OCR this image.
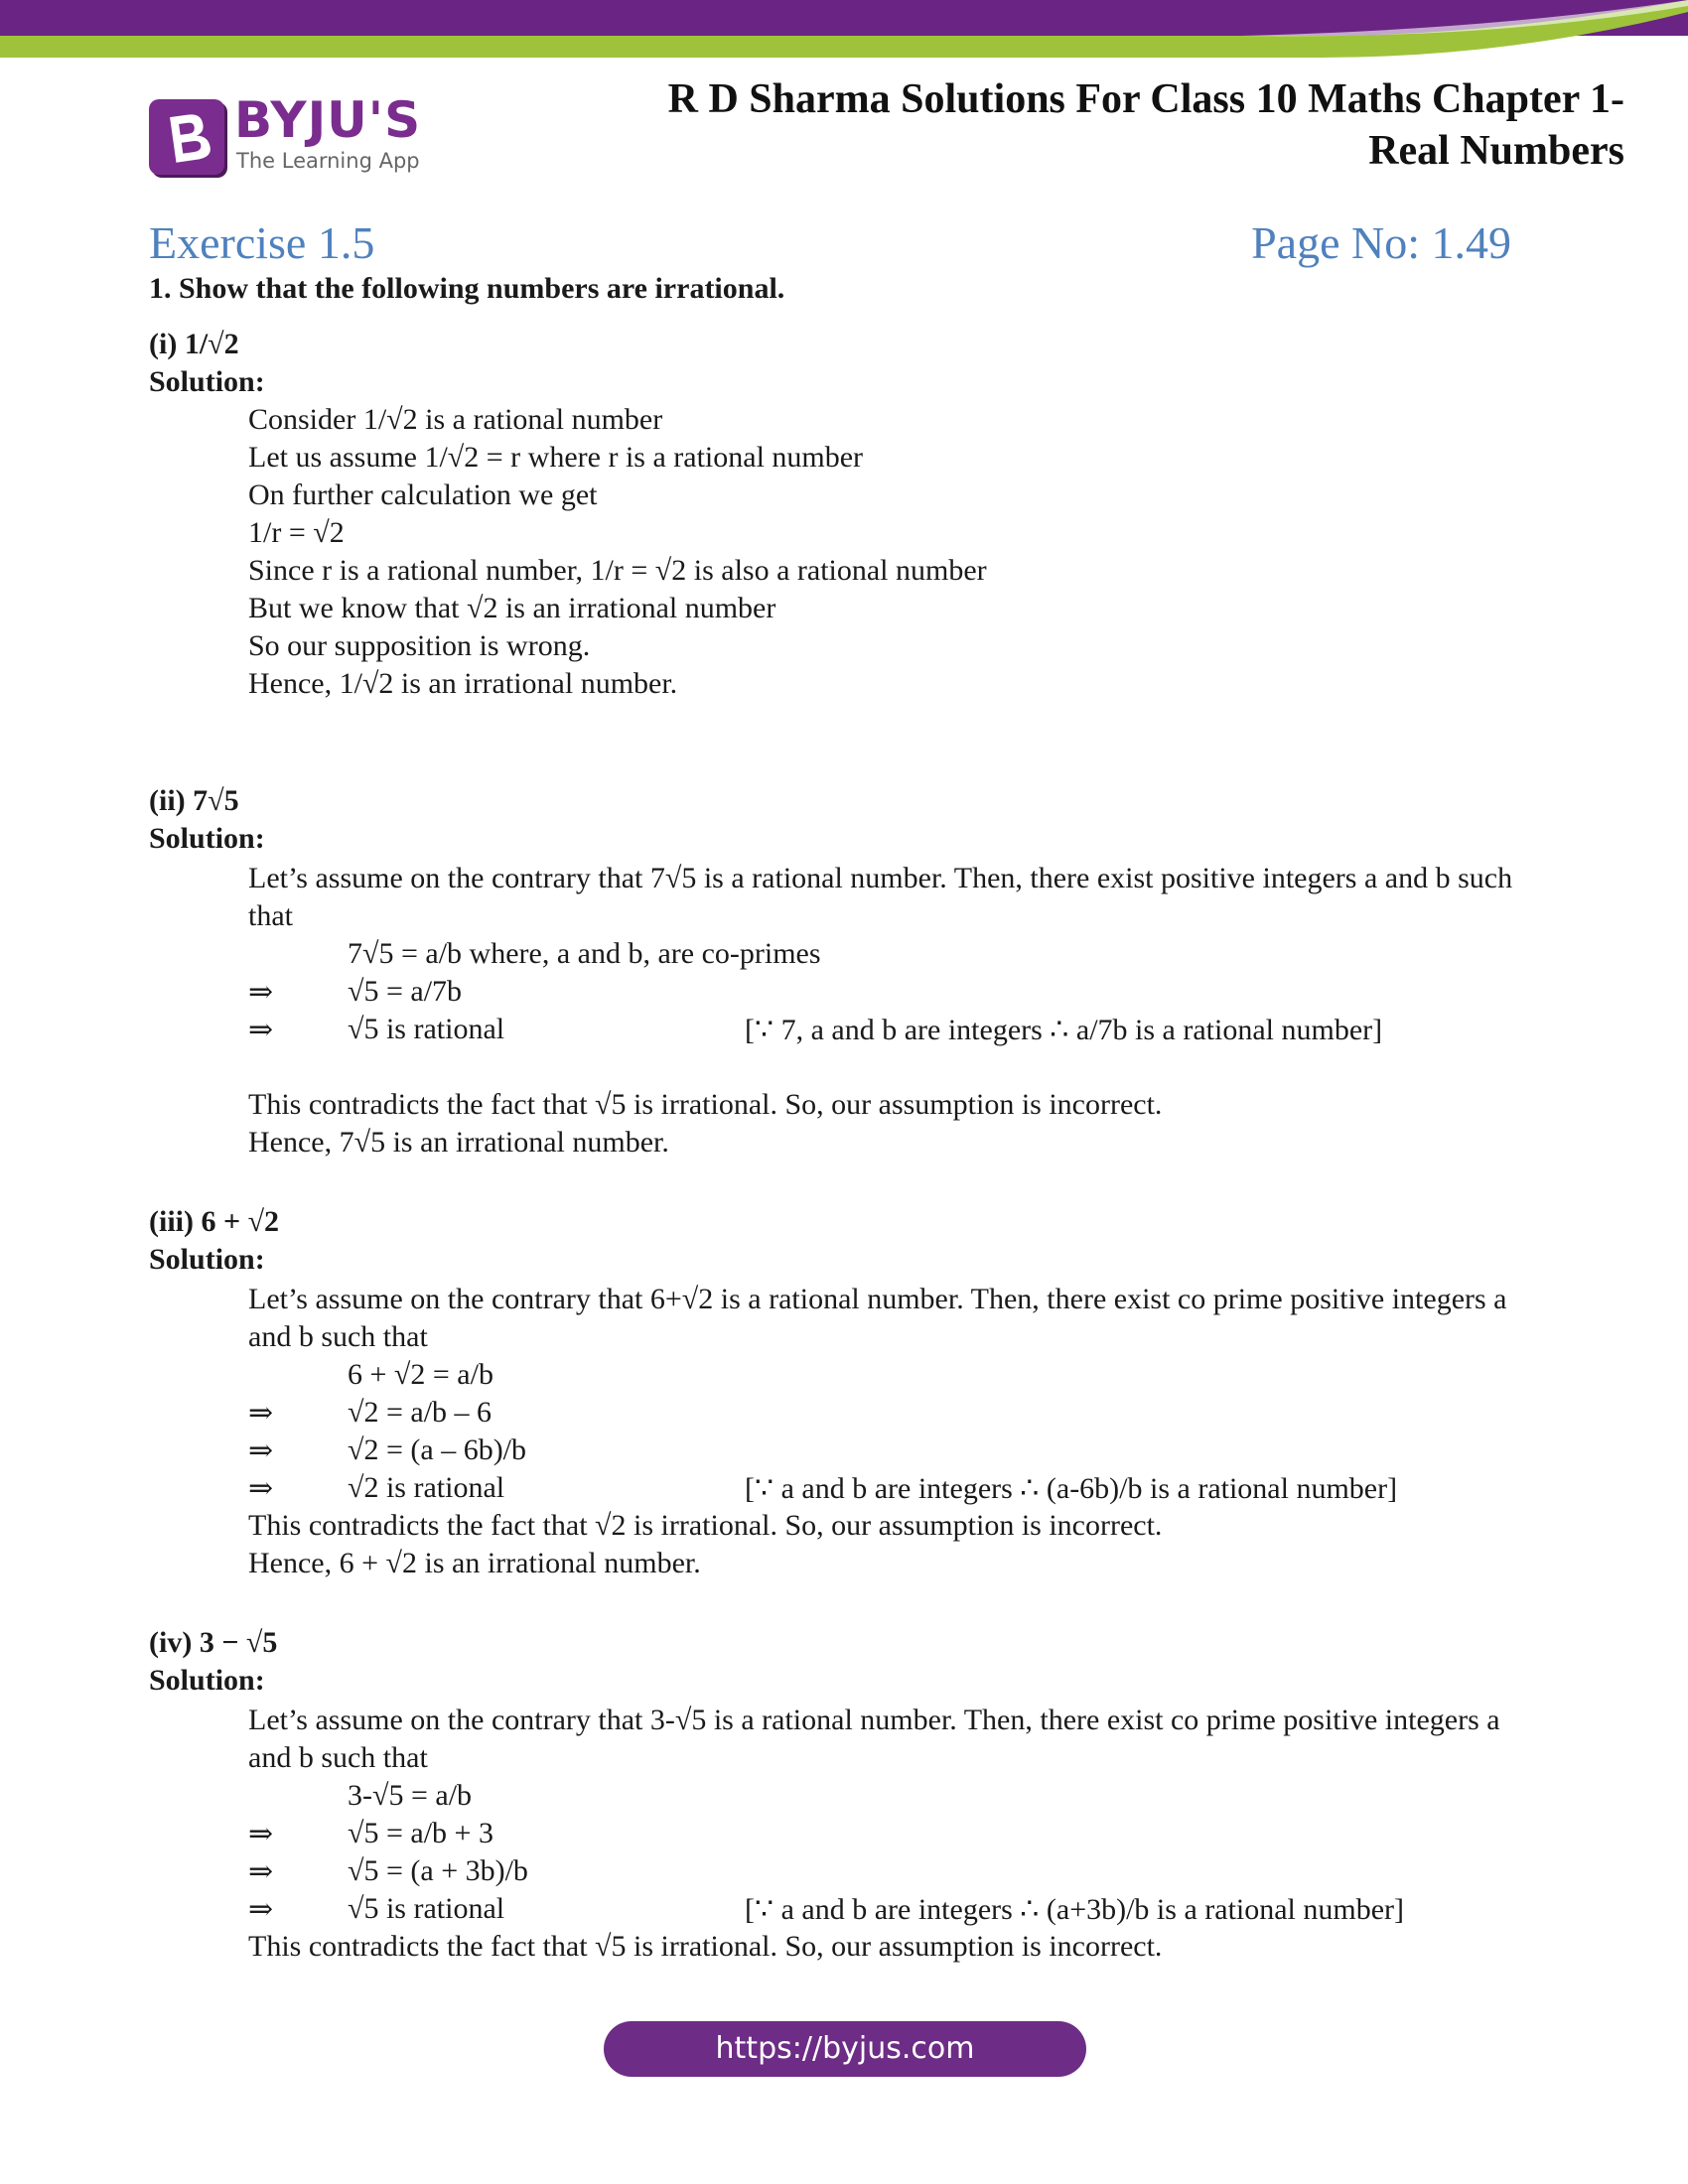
BYJU'S
The Learning App
R D Sharma Solutions For Class 10 Maths Chapter 1-
Real Numbers
Exercise 1.5	Page No: 1.49
1. Show that the following numbers are irrational.
(i) 1/√2
Solution:
Consider 1/√2 is a rational number
Let us assume 1/√2 = r where r is a rational number
On further calculation we get
1/r = √2
Since r is a rational number, 1/r = √2 is also a rational number
But we know that √2 is an irrational number
So our supposition is wrong.
Hence, 1/√2 is an irrational number.
(ii) 7√5
Solution:
Let’s assume on the contrary that 7√5 is a rational number. Then, there exist positive integers a and b such that
7√5 = a/b where, a and b, are co-primes
⇒ √5 = a/7b
⇒ √5 is rational	[∵ 7, a and b are integers ∴ a/7b is a rational number]
This contradicts the fact that √5 is irrational. So, our assumption is incorrect.
Hence, 7√5 is an irrational number.
(iii) 6 + √2
Solution:
Let’s assume on the contrary that 6+√2 is a rational number. Then, there exist co prime positive integers a and b such that
6 + √2 = a/b
⇒ √2 = a/b – 6
⇒ √2 = (a – 6b)/b
⇒ √2 is rational	[∵ a and b are integers ∴ (a-6b)/b is a rational number]
This contradicts the fact that √2 is irrational. So, our assumption is incorrect.
Hence, 6 + √2 is an irrational number.
(iv) 3 − √5
Solution:
Let’s assume on the contrary that 3-√5 is a rational number. Then, there exist co prime positive integers a and b such that
3-√5 = a/b
⇒ √5 = a/b + 3
⇒ √5 = (a + 3b)/b
⇒ √5 is rational	[∵ a and b are integers ∴ (a+3b)/b is a rational number]
This contradicts the fact that √5 is irrational. So, our assumption is incorrect.
https://byjus.com
